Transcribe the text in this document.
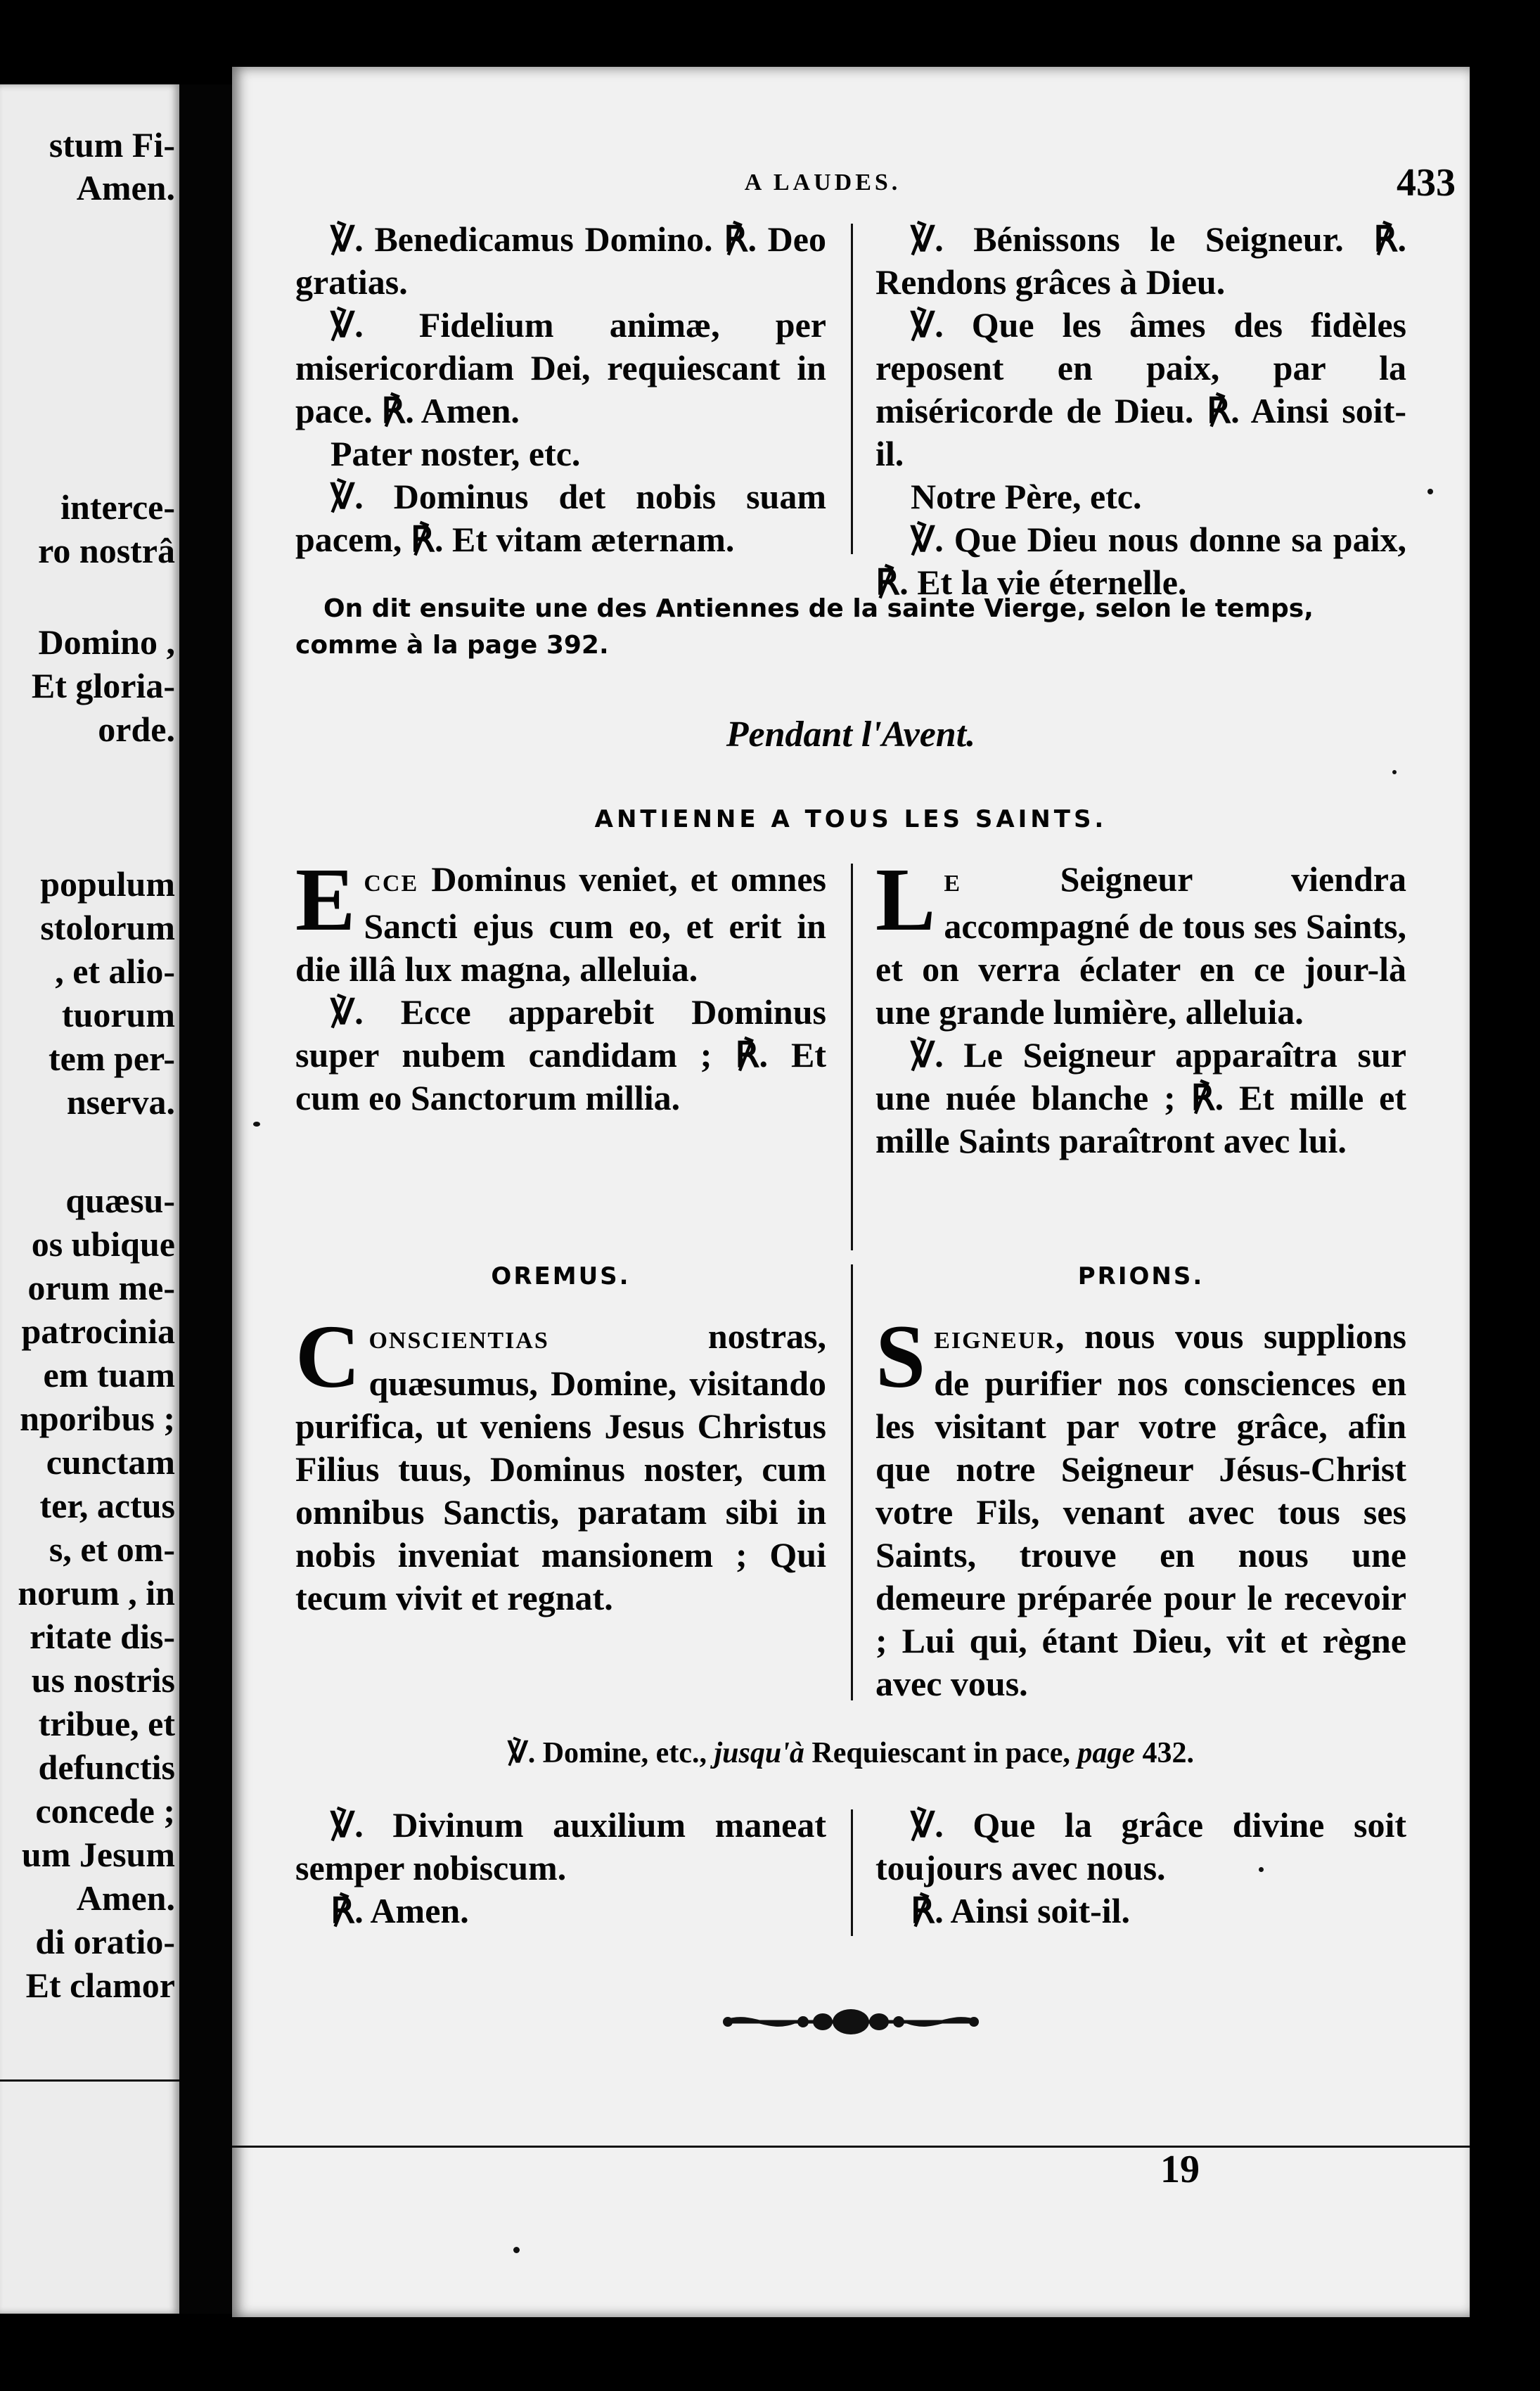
stum Fi-
Amen.
interce-
ro nostrâ
Domino ,
Et gloria-
orde.
populum
stolorum
, et alio-
tuorum
tem per-
nserva.
quæsu-
os ubique
orum me-
patrocinia
em tuam
nporibus ;
cunctam
ter, actus
s, et om-
norum , in
ritate dis-
us nostris
tribue, et
defunctis
concede ;
um Jesum
Amen.
di oratio-
Et clamor
A LAUDES.	433

℣. Benedicamus Domino. ℟. Deo gratias.

℣. Fidelium animæ, per misericordiam Dei, requiescant in pace. ℟. Amen.

Pater noster, etc.

℣. Dominus det nobis suam pacem, ℟. Et vitam æternam.

℣. Bénissons le Seigneur. ℟. Rendons grâces à Dieu.

℣. Que les âmes des fidèles reposent en paix, par la miséricorde de Dieu. ℟. Ainsi soit-il.

Notre Père, etc.

℣. Que Dieu nous donne sa paix, ℟. Et la vie éternelle.

On dit ensuite une des Antiennes de la sainte Vierge, selon le temps, comme à la page 392.
Pendant l'Avent.
ANTIENNE A TOUS LES SAINTS.

ECCE Dominus veniet, et omnes Sancti ejus cum eo, et erit in die illâ lux magna, alleluia.

℣. Ecce apparebit Dominus super nubem candidam ; ℟. Et cum eo Sanctorum millia.

L E Seigneur viendra accompagné de tous ses Saints, et on verra éclater en ce jour-là une grande lumière, alleluia.

℣. Le Seigneur apparaîtra sur une nuée blanche ; ℟. Et mille et mille Saints paraîtront avec lui.

OREMUS.	PRIONS.

CONSCIENTIAS nostras, quæsumus, Domine, visitando purifica, ut veniens Jesus Christus Filius tuus, Dominus noster, cum omnibus Sanctis, paratam sibi in nobis inveniat mansionem ; Qui tecum vivit et regnat.

SEIGNEUR, nous vous supplions de purifier nos consciences en les visitant par votre grâce, afin que notre Seigneur Jésus-Christ votre Fils, venant avec tous ses Saints, trouve en nous une demeure préparée pour le recevoir ; Lui qui, étant Dieu, vit et règne avec vous.

℣. Domine, etc., jusqu'à Requiescant in pace, page 432.

℣. Divinum auxilium maneat semper nobiscum.

℟. Amen.

℣. Que la grâce divine soit toujours avec nous.

℟. Ainsi soit-il.

19
